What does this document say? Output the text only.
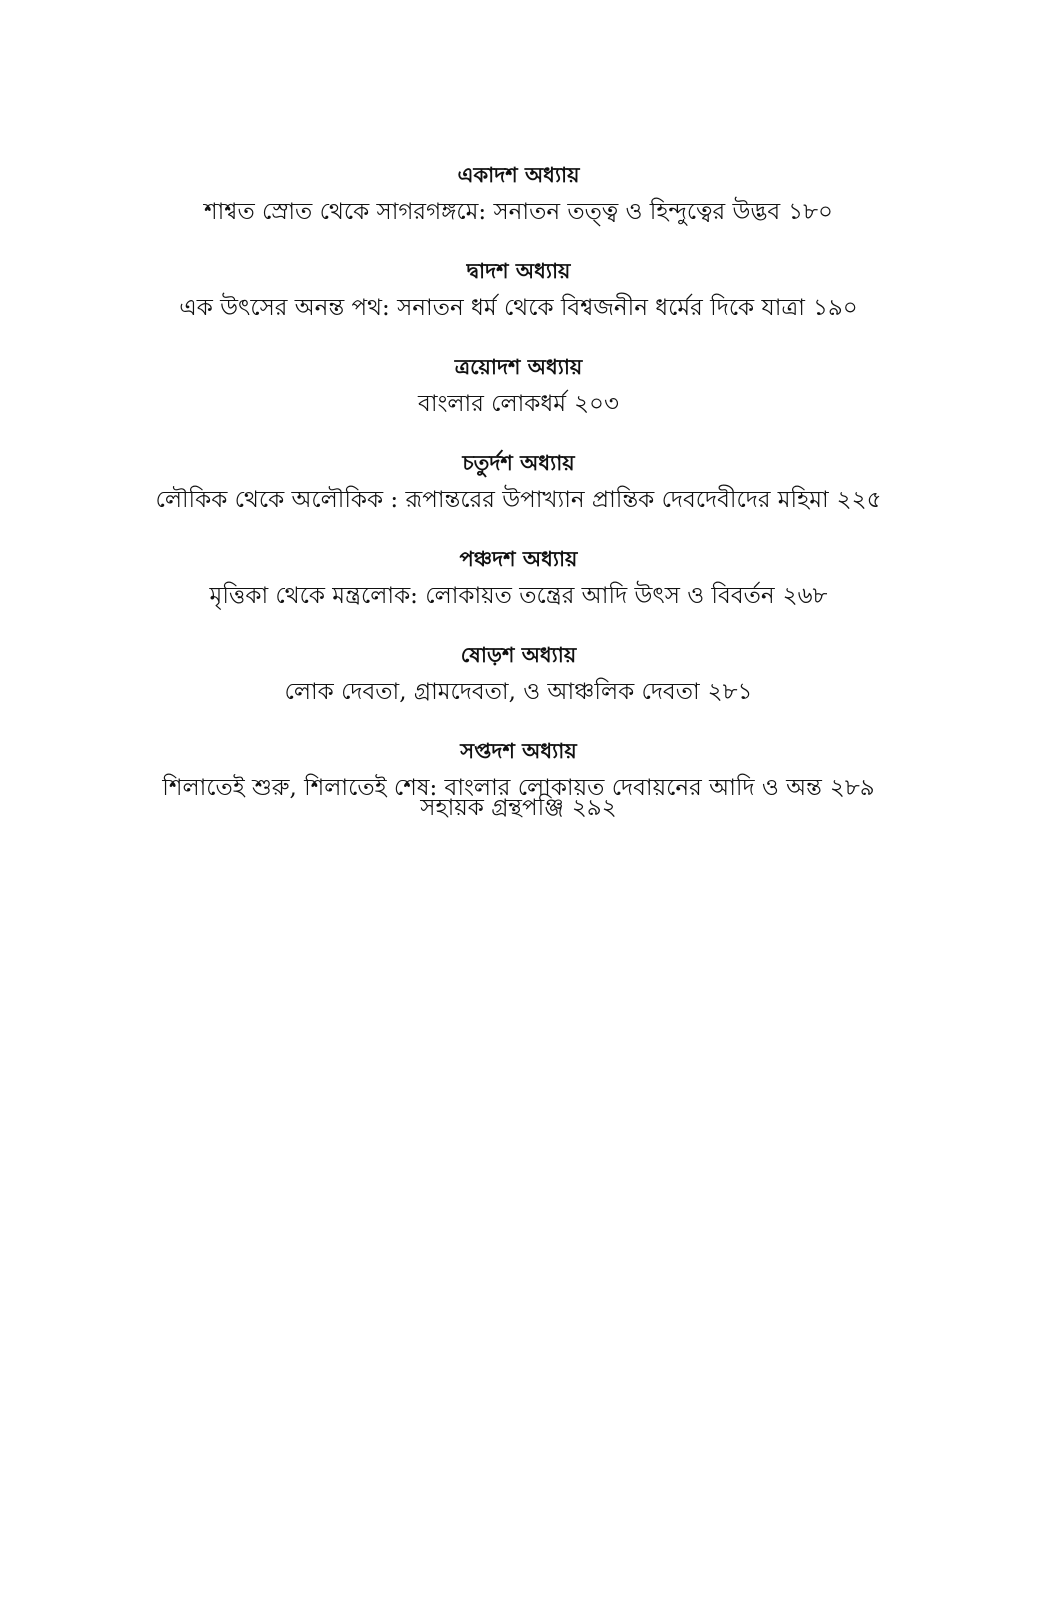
একাদশ অধ্যায়

শাশ্বত স্রোত থেকে সাগরগঙ্গমে: সনাতন তত্ত্ব ও হিন্দুত্বের উদ্ভব ১৮০

দ্বাদশ অধ্যায়

এক উৎসের অনন্ত পথ: সনাতন ধর্ম থেকে বিশ্বজনীন ধর্মের দিকে যাত্রা ১৯০

ত্রয়োদশ অধ্যায়

বাংলার লোকধর্ম ২০৩

চতুর্দশ অধ্যায়

লৌকিক থেকে অলৌকিক : রূপান্তরের উপাখ্যান প্রান্তিক দেবদেবীদের মহিমা ২২৫

পঞ্চদশ অধ্যায়

মৃত্তিকা থেকে মন্ত্রলোক: লোকায়ত তন্ত্রের আদি উৎস ও বিবর্তন ২৬৮

ষোড়শ অধ্যায়

লোক দেবতা, গ্রামদেবতা, ও আঞ্চলিক দেবতা ২৮১

সপ্তদশ অধ্যায়

শিলাতেই শুরু, শিলাতেই শেষ: বাংলার লোকায়ত দেবায়নের আদি ও অন্ত ২৮৯

সহায়ক গ্রন্থপঞ্জি ২৯২
